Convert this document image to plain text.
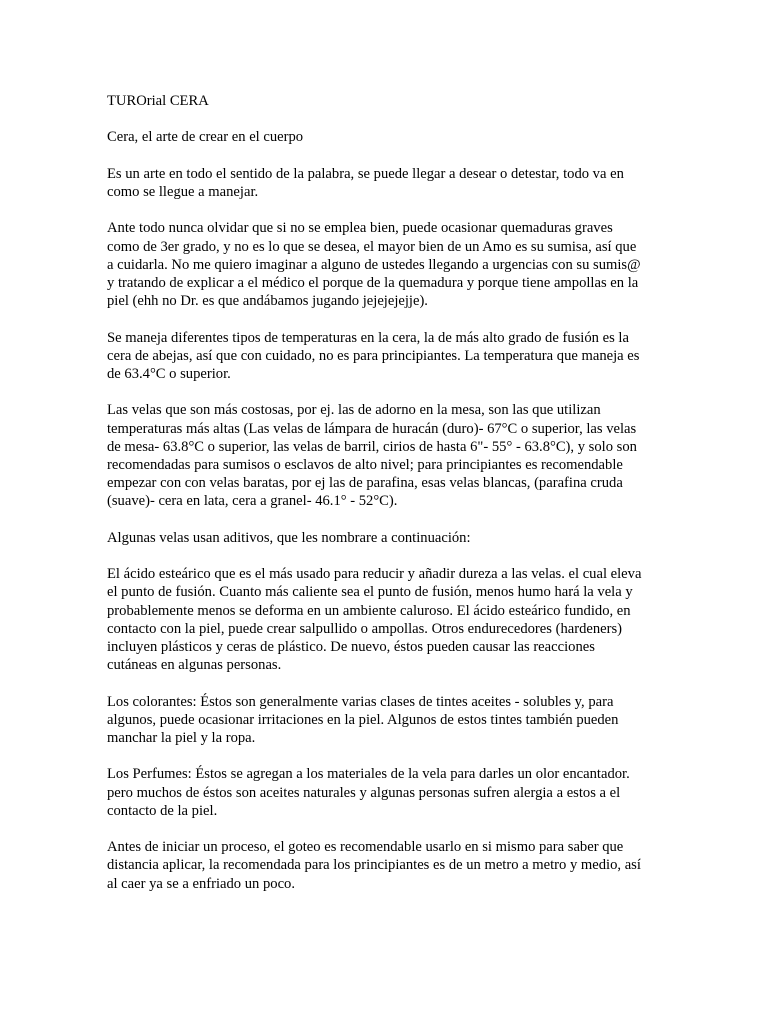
TUROrial CERA

Cera, el arte de crear en el cuerpo

Es un arte en todo el sentido de la palabra, se puede llegar a desear o detestar, todo va en
como se llegue a manejar.

Ante todo nunca olvidar que si no se emplea bien, puede ocasionar quemaduras graves
como de 3er grado, y no es lo que se desea, el mayor bien de un Amo es su sumisa, así que
a cuidarla. No me quiero imaginar a alguno de ustedes llegando a urgencias con su sumis@
y tratando de explicar a el médico el porque de la quemadura y porque tiene ampollas en la
piel (ehh no Dr. es que andábamos jugando jejejejejje).

Se maneja diferentes tipos de temperaturas en la cera, la de más alto grado de fusión es la
cera de abejas, así que con cuidado, no es para principiantes. La temperatura que maneja es
de 63.4°C o superior.

Las velas que son más costosas, por ej. las de adorno en la mesa, son las que utilizan
temperaturas más altas (Las velas de lámpara de huracán (duro)- 67°C o superior, las velas
de mesa- 63.8°C o superior, las velas de barril, cirios de hasta 6"- 55° - 63.8°C), y solo son
recomendadas para sumisos o esclavos de alto nivel; para principiantes es recomendable
empezar con con velas baratas, por ej las de parafina, esas velas blancas, (parafina cruda
(suave)- cera en lata, cera a granel- 46.1° - 52°C).

Algunas velas usan aditivos, que les nombrare a continuación:

El ácido esteárico que es el más usado para reducir y añadir dureza a las velas. el cual eleva
el punto de fusión. Cuanto más caliente sea el punto de fusión, menos humo hará la vela y
probablemente menos se deforma en un ambiente caluroso. El ácido esteárico fundido, en
contacto con la piel, puede crear salpullido o ampollas. Otros endurecedores (hardeners)
incluyen plásticos y ceras de plástico. De nuevo, éstos pueden causar las reacciones
cutáneas en algunas personas.

Los colorantes: Éstos son generalmente varias clases de tintes aceites - solubles y, para
algunos, puede ocasionar irritaciones en la piel. Algunos de estos tintes también pueden
manchar la piel y la ropa.

Los Perfumes: Éstos se agregan a los materiales de la vela para darles un olor encantador.
pero muchos de éstos son aceites naturales y algunas personas sufren alergia a estos a el
contacto de la piel.

Antes de iniciar un proceso, el goteo es recomendable usarlo en si mismo para saber que
distancia aplicar, la recomendada para los principiantes es de un metro a metro y medio, así
al caer ya se a enfriado un poco.
